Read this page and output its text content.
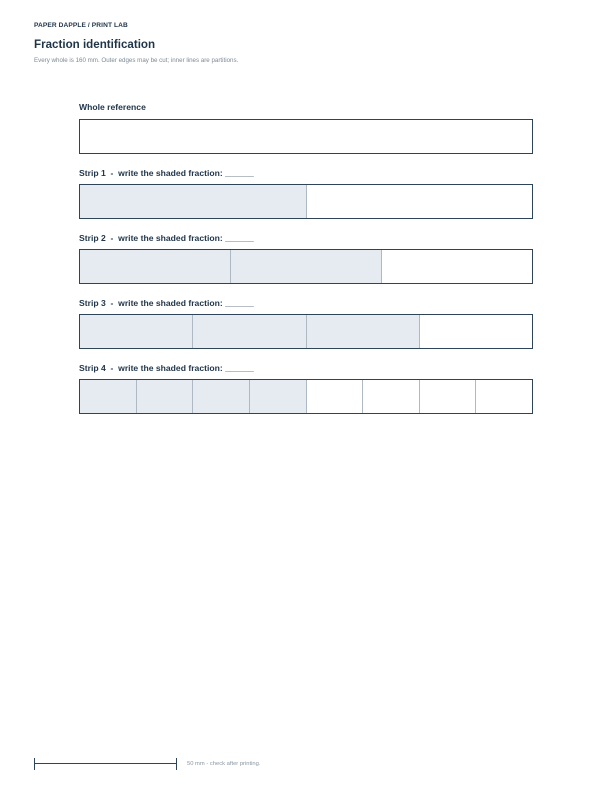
PAPER DAPPLE / PRINT LAB
Fraction identification
Every whole is 160 mm. Outer edges may be cut; inner lines are partitions.
Whole reference
Strip 1  -  write the shaded fraction: ______
Strip 2  -  write the shaded fraction: ______
Strip 3  -  write the shaded fraction: ______
Strip 4  -  write the shaded fraction: ______
50 mm - check after printing.
